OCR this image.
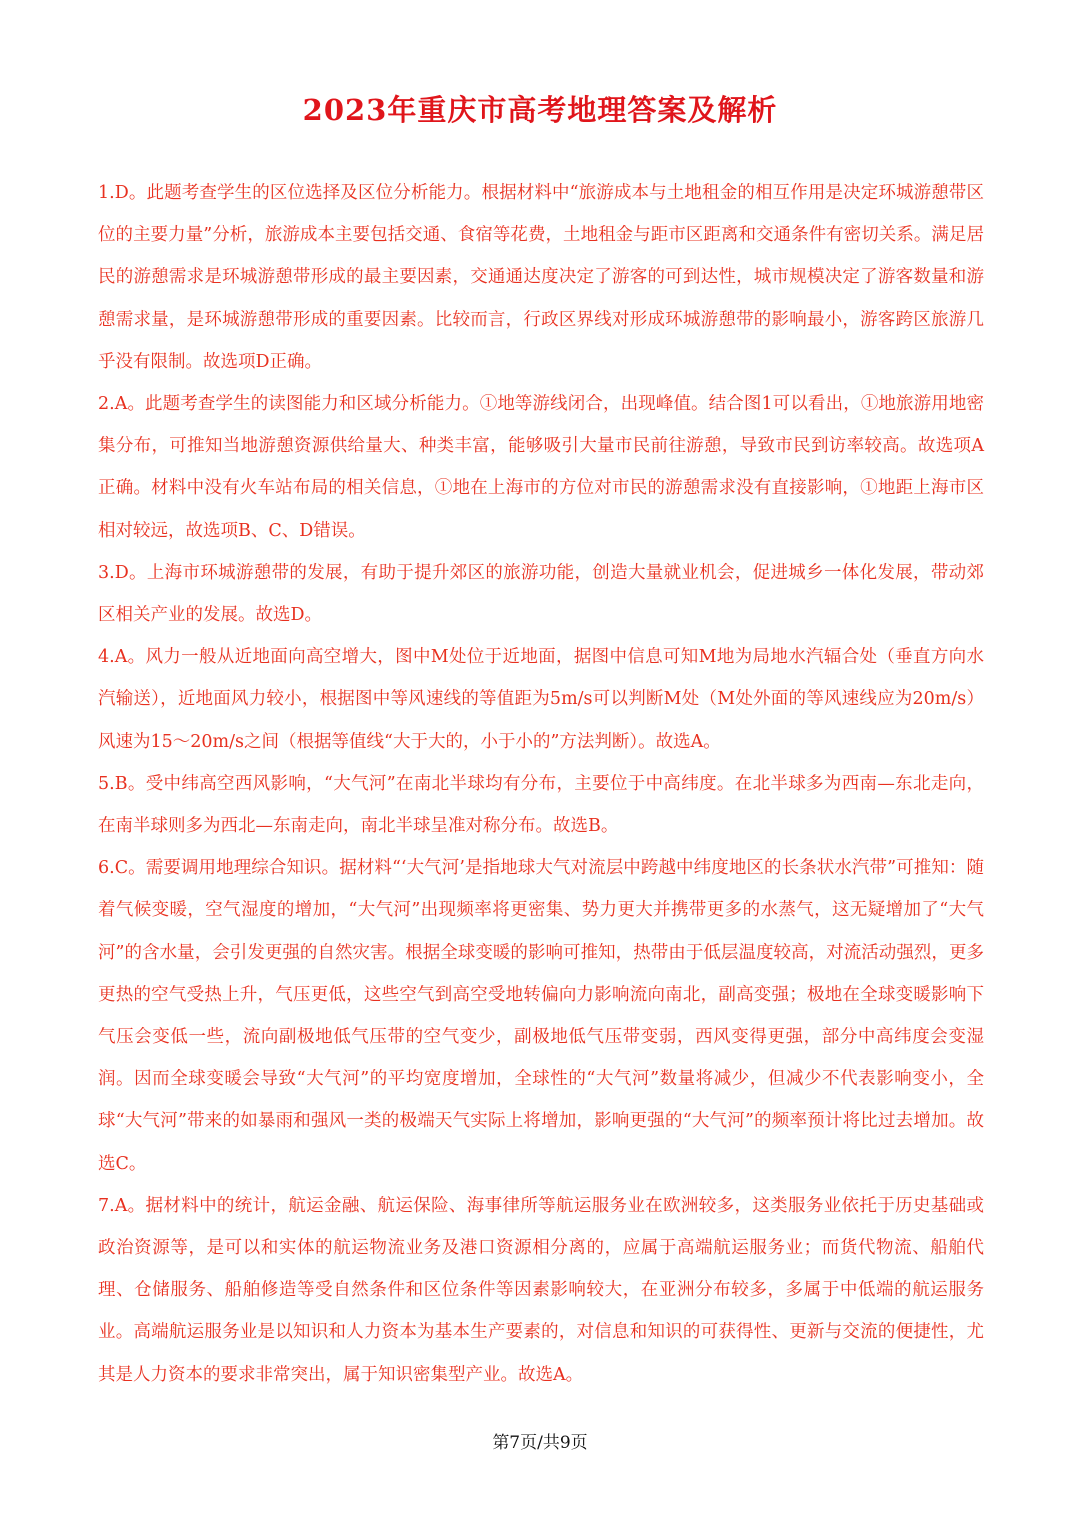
2023年重庆市高考地理答案及解析

1.D。此题考查学生的区位选择及区位分析能力。根据材料中“旅游成本与土地租金的相互作用是决定环城游憩带区位的主要力量”分析，旅游成本主要包括交通、食宿等花费，土地租金与距市区距离和交通条件有密切关系。满足居民的游憩需求是环城游憩带形成的最主要因素，交通通达度决定了游客的可到达性，城市规模决定了游客数量和游憩需求量，是环城游憩带形成的重要因素。比较而言，行政区界线对形成环城游憩带的影响最小，游客跨区旅游几乎没有限制。故选项D正确。

2.A。此题考查学生的读图能力和区域分析能力。①地等游线闭合，出现峰值。结合图1可以看出，①地旅游用地密集分布，可推知当地游憩资源供给量大、种类丰富，能够吸引大量市民前往游憩，导致市民到访率较高。故选项A正确。材料中没有火车站布局的相关信息，①地在上海市的方位对市民的游憩需求没有直接影响，①地距上海市区相对较远，故选项B、C、D错误。

3.D。上海市环城游憩带的发展，有助于提升郊区的旅游功能，创造大量就业机会，促进城乡一体化发展，带动郊区相关产业的发展。故选D。

4.A。风力一般从近地面向高空增大，图中M处位于近地面，据图中信息可知M地为局地水汽辐合处（垂直方向水汽输送），近地面风力较小，根据图中等风速线的等值距为5m/s可以判断M处（M处外面的等风速线应为20m/s）风速为15～20m/s之间（根据等值线“大于大的，小于小的”方法判断）。故选A。

5.B。受中纬高空西风影响，“大气河”在南北半球均有分布，主要位于中高纬度。在北半球多为西南—东北走向，在南半球则多为西北—东南走向，南北半球呈准对称分布。故选B。

6.C。需要调用地理综合知识。据材料“‘大气河’是指地球大气对流层中跨越中纬度地区的长条状水汽带”可推知：随着气候变暖，空气湿度的增加，“大气河”出现频率将更密集、势力更大并携带更多的水蒸气，这无疑增加了“大气河”的含水量，会引发更强的自然灾害。根据全球变暖的影响可推知，热带由于低层温度较高，对流活动强烈，更多更热的空气受热上升，气压更低，这些空气到高空受地转偏向力影响流向南北，副高变强；极地在全球变暖影响下气压会变低一些，流向副极地低气压带的空气变少，副极地低气压带变弱，西风变得更强，部分中高纬度会变湿润。因而全球变暖会导致“大气河”的平均宽度增加，全球性的“大气河”数量将减少，但减少不代表影响变小，全球“大气河”带来的如暴雨和强风一类的极端天气实际上将增加，影响更强的“大气河”的频率预计将比过去增加。故选C。

7.A。据材料中的统计，航运金融、航运保险、海事律所等航运服务业在欧洲较多，这类服务业依托于历史基础或政治资源等，是可以和实体的航运物流业务及港口资源相分离的，应属于高端航运服务业；而货代物流、船舶代理、仓储服务、船舶修造等受自然条件和区位条件等因素影响较大，在亚洲分布较多，多属于中低端的航运服务业。高端航运服务业是以知识和人力资本为基本生产要素的，对信息和知识的可获得性、更新与交流的便捷性，尤其是人力资本的要求非常突出，属于知识密集型产业。故选A。

第7页/共9页
